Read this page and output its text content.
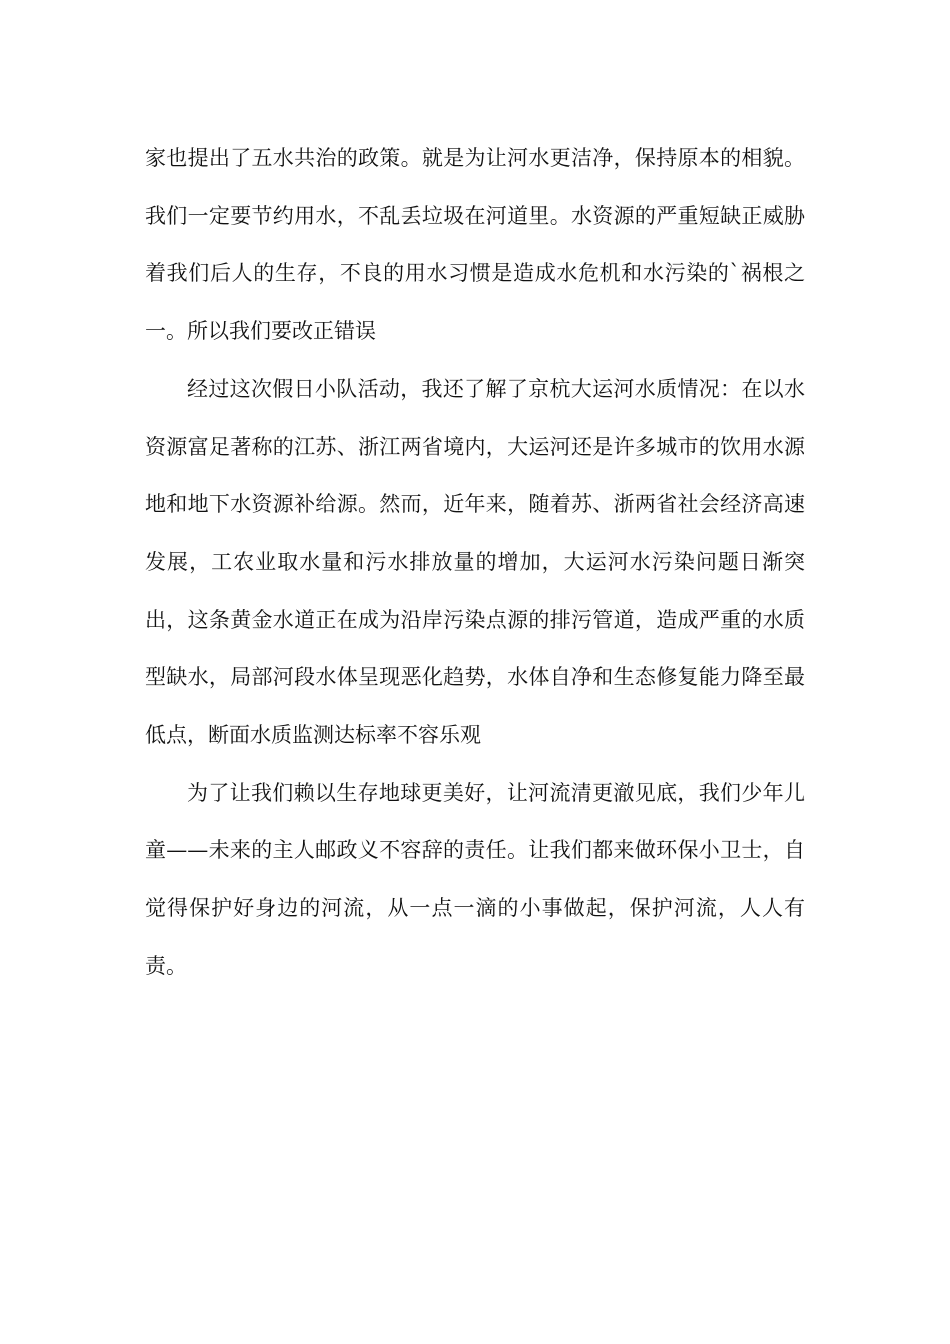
家也提出了五水共治的政策。就是为让河水更洁净，保持原本的相貌。我们一定要节约用水，不乱丢垃圾在河道里。水资源的严重短缺正威胁着我们后人的生存，不良的用水习惯是造成水危机和水污染的`祸根之一。所以我们要改正错误

经过这次假日小队活动，我还了解了京杭大运河水质情况：在以水资源富足著称的江苏、浙江两省境内，大运河还是许多城市的饮用水源地和地下水资源补给源。然而，近年来，随着苏、浙两省社会经济高速发展，工农业取水量和污水排放量的增加，大运河水污染问题日渐突出，这条黄金水道正在成为沿岸污染点源的排污管道，造成严重的水质型缺水，局部河段水体呈现恶化趋势，水体自净和生态修复能力降至最低点，断面水质监测达标率不容乐观

为了让我们赖以生存地球更美好，让河流清更澈见底，我们少年儿童——未来的主人邮政义不容辞的责任。让我们都来做环保小卫士，自觉得保护好身边的河流，从一点一滴的小事做起，保护河流，人人有责。
